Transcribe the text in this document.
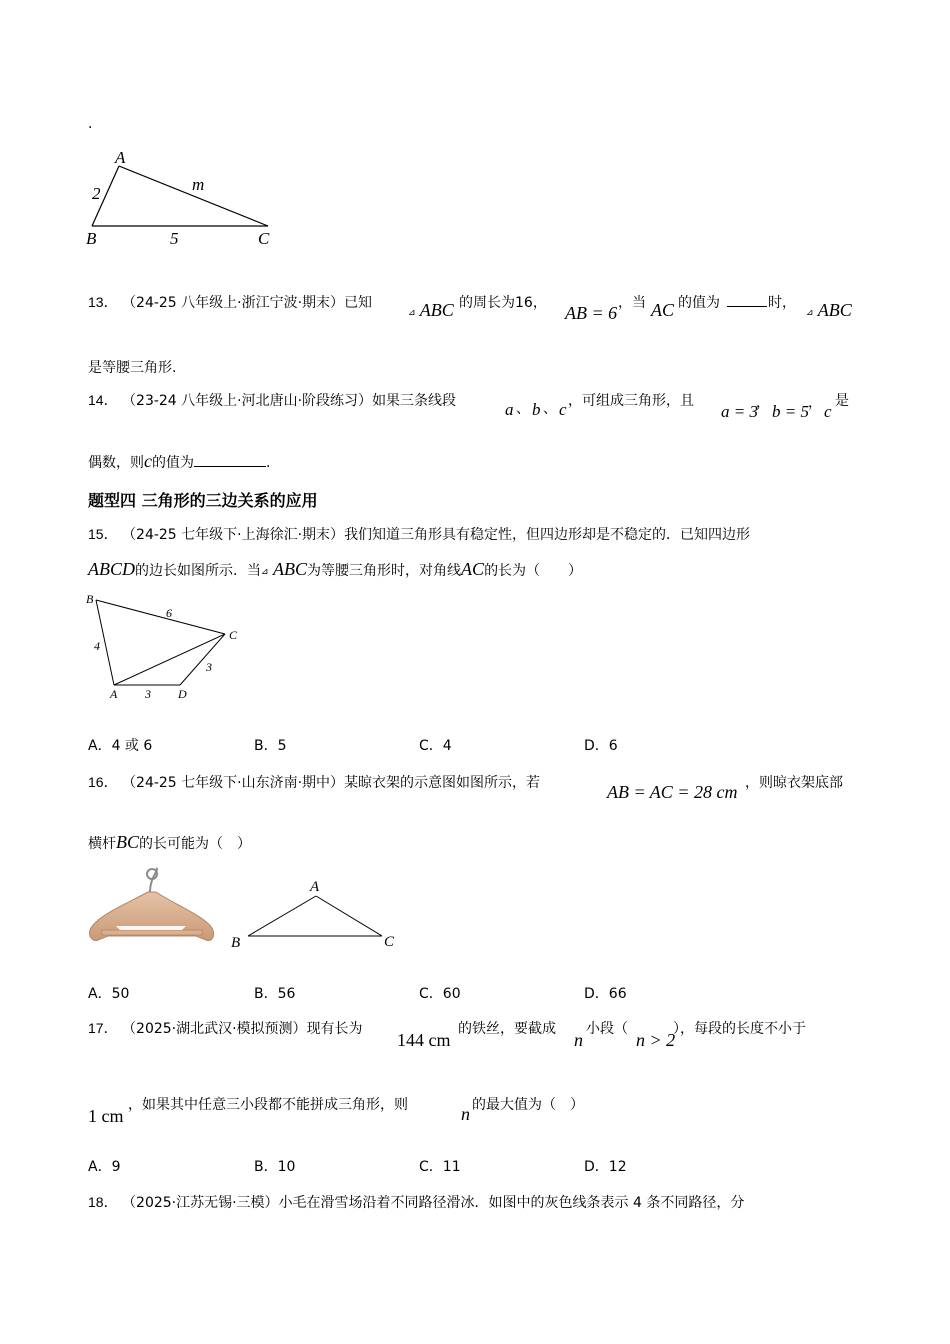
.
A
B	C
m
2
5
13． （24-25 八年级上·浙江宁波·期末）已知
⊿ ABC 的周长为16， AB = 6 ，当 AC 的值为	时，
⊿ ABC
是等腰三角形.
14． （23-24 八年级上·河北唐山·阶段练习）如果三条线段	a 、 b 、 c ，可组成三角形，且
a = 3
， b = 5 ， c
是
偶数，则c的值为	.
题型四 三角形的三边关系的应用
15． （24-25 七年级下·上海徐汇·期末）我们知道三角形具有稳定性，但四边形却是不稳定的．已知四边形
ABCD的边长如图所示．当⊿ ABC为等腰三角形时，对角线AC的长为（　　）
B
C
A	D
6
4
3
3
A．4 或 6	B．5	C．4	D．6
16． （24-25 七年级下·山东济南·期中）某晾衣架的示意图如图所示，若	AB = AC = 28 cm ，则晾衣架底部
横杆BC的长可能为（　）
A
B	C
A．50	B．56	C．60	D．66
17． （2025·湖北武汉·模拟预测）现有长为
144 cm
的铁丝，要截成
n
小段（
n > 2
），每段的长度不小于
1 cm
，如果其中任意三小段都不能拼成三角形，则	n 的最大值为（　）
A．9	B．10	C．11	D．12
18． （2025·江苏无锡·三模）小毛在滑雪场沿着不同路径滑冰．如图中的灰色线条表示 4 条不同路径，分
